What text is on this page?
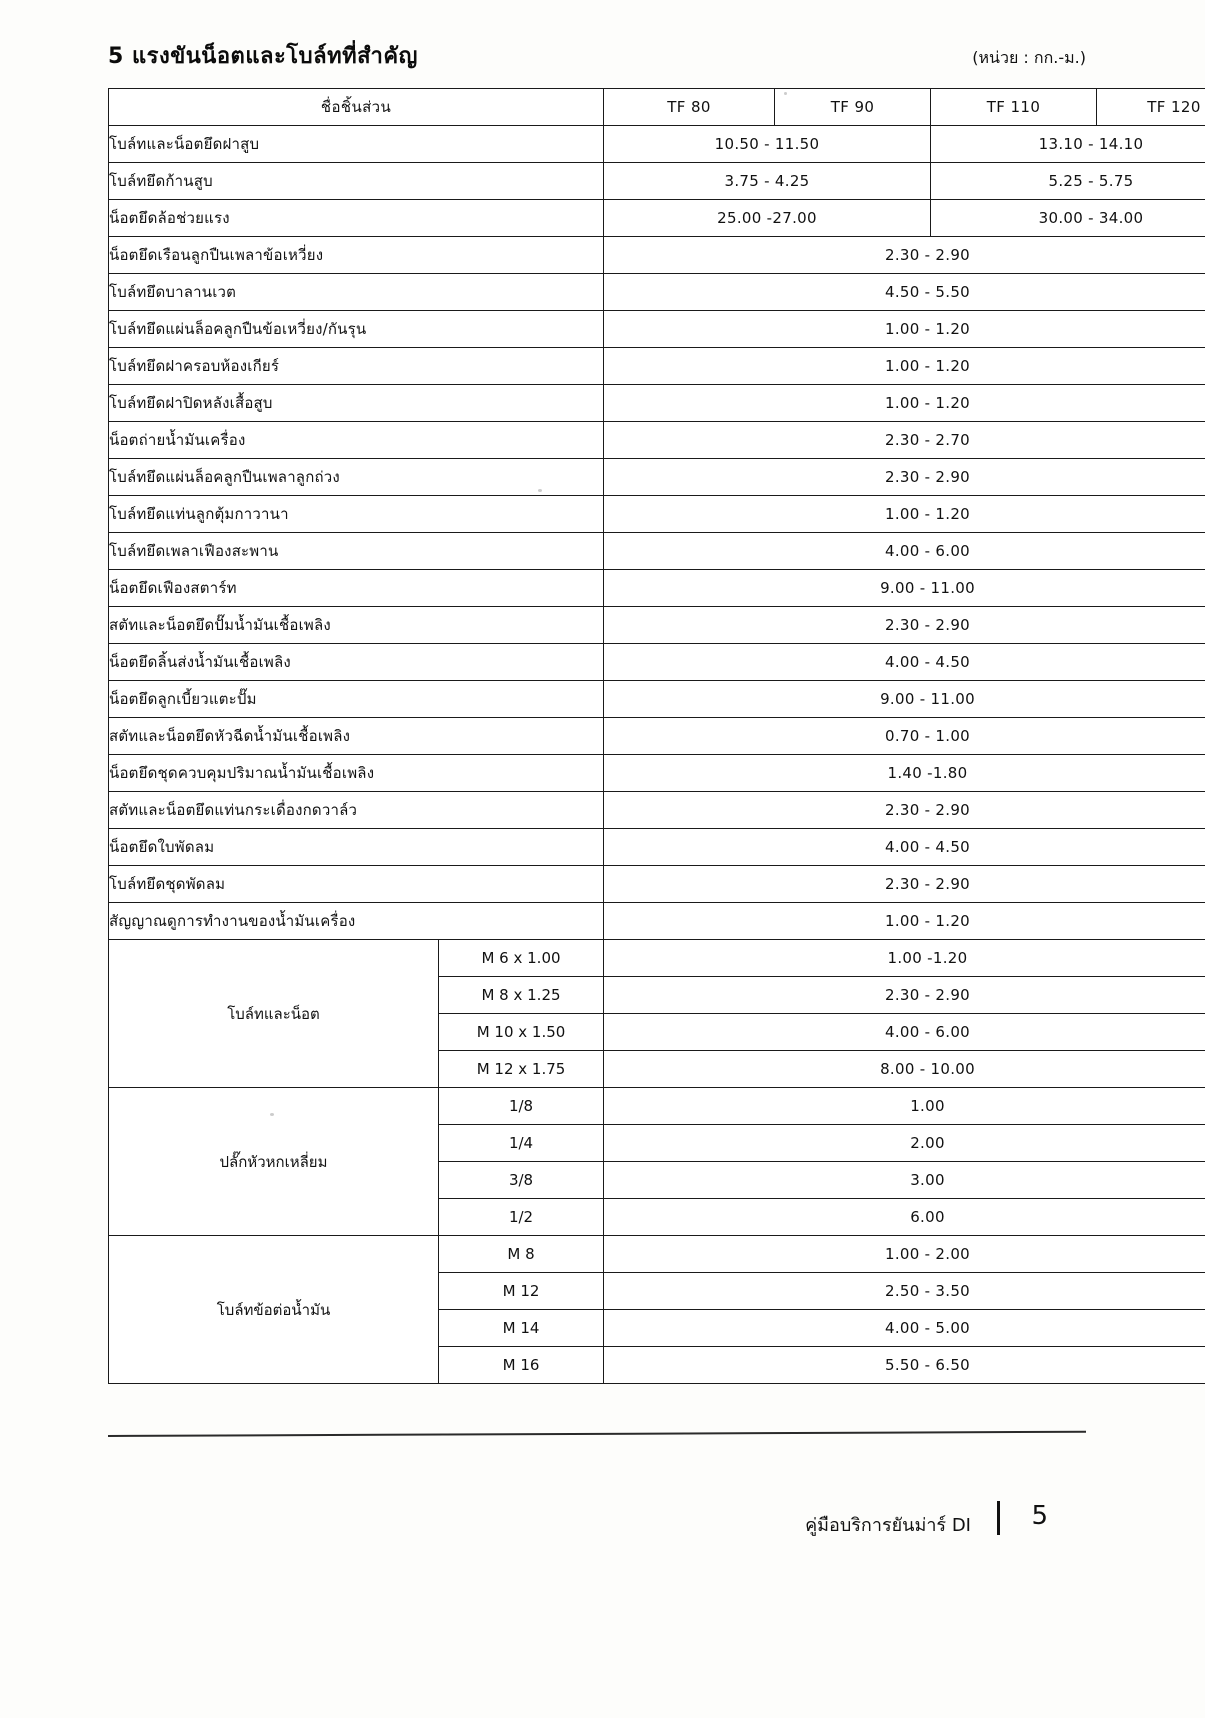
5 แรงขันน็อตและโบล์ทที่สำคัญ	(หน่วย : กก.-ม.)
ชื่อชิ้นส่วน		TF 80	TF 90	TF 110	TF 120
โบล์ทและน็อตยึดฝาสูบ		10.50 - 11.50		13.10 - 14.10	
โบล์ทยึดก้านสูบ		3.75 - 4.25		5.25 - 5.75	
น็อตยึดล้อช่วยแรง		25.00 -27.00		30.00 - 34.00	
น็อตยึดเรือนลูกปืนเพลาข้อเหวี่ยง		2.30 - 2.90			
โบล์ทยึดบาลานเวต		4.50 - 5.50			
โบล์ทยึดแผ่นล็อคลูกปืนข้อเหวี่ยง/กันรุน		1.00 - 1.20			
โบล์ทยึดฝาครอบห้องเกียร์		1.00 - 1.20			
โบล์ทยึดฝาปิดหลังเสื้อสูบ		1.00 - 1.20			
น็อตถ่ายน้ำมันเครื่อง		2.30 - 2.70			
โบล์ทยึดแผ่นล็อคลูกปืนเพลาลูกถ่วง		2.30 - 2.90			
โบล์ทยึดแท่นลูกตุ้มกาวานา		1.00 - 1.20			
โบล์ทยึดเพลาเฟืองสะพาน		4.00 - 6.00			
น็อตยึดเฟืองสตาร์ท		9.00 - 11.00			
สตัทและน็อตยึดปั๊มน้ำมันเชื้อเพลิง		2.30 - 2.90			
น็อตยึดลิ้นส่งน้ำมันเชื้อเพลิง		4.00 - 4.50			
น็อตยึดลูกเบี้ยวแตะปั๊ม		9.00 - 11.00			
สตัทและน็อตยึดหัวฉีดน้ำมันเชื้อเพลิง		0.70 - 1.00			
น็อตยึดชุดควบคุมปริมาณน้ำมันเชื้อเพลิง		1.40 -1.80			
สตัทและน็อตยึดแท่นกระเดื่องกดวาล์ว		2.30 - 2.90			
น็อตยึดใบพัดลม		4.00 - 4.50			
โบล์ทยึดชุดพัดลม		2.30 - 2.90			
สัญญาณดูการทำงานของน้ำมันเครื่อง		1.00 - 1.20			
โบล์ทและน็อต	M 6 x 1.00	1.00 -1.20			
	M 8 x 1.25	2.30 - 2.90			
	M 10 x 1.50	4.00 - 6.00			
	M 12 x 1.75	8.00 - 10.00			
ปลั๊กหัวหกเหลี่ยม	1/8	1.00			
	1/4	2.00			
	3/8	3.00			
	1/2	6.00			
โบล์ทข้อต่อน้ำมัน	M 8	1.00 - 2.00			
	M 12	2.50 - 3.50			
	M 14	4.00 - 5.00			
	M 16	5.50 - 6.50			
คู่มือบริการยันม่าร์ DI 5
